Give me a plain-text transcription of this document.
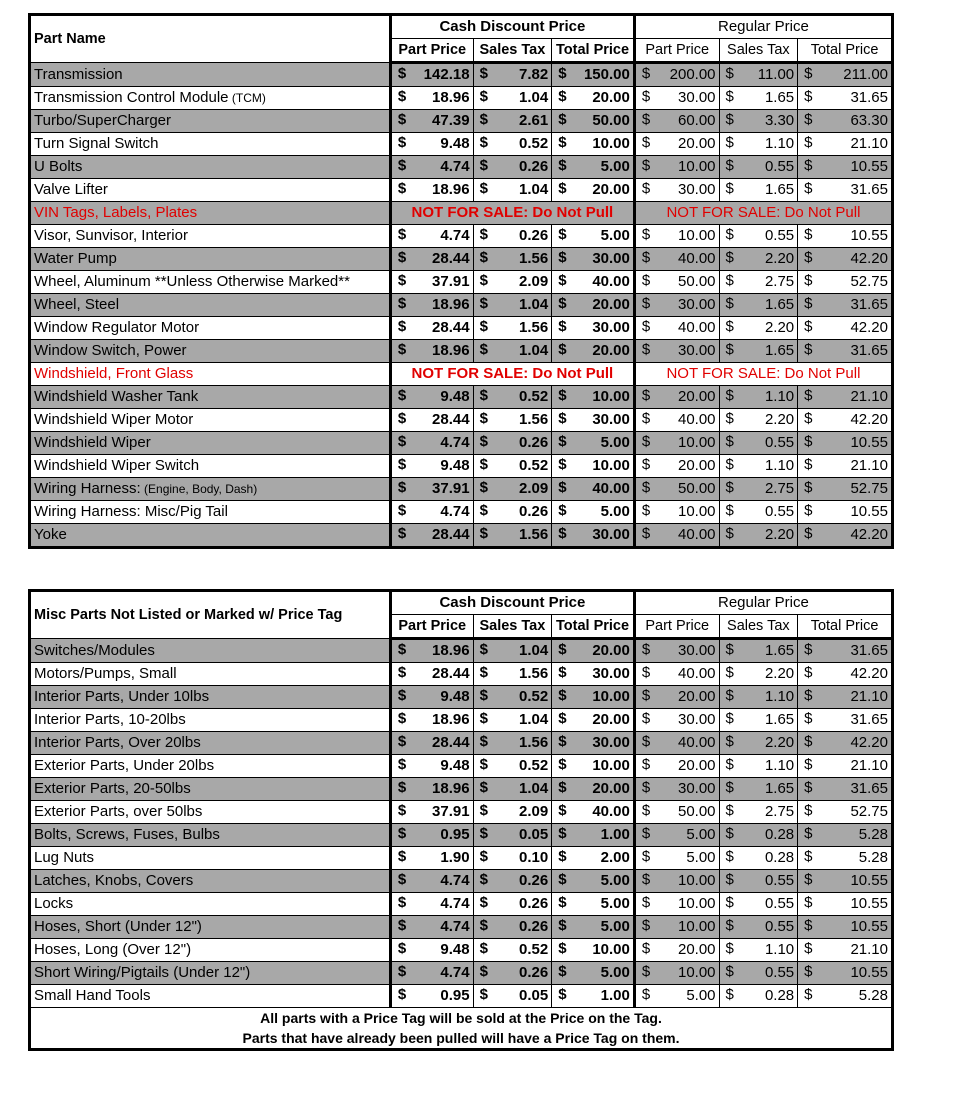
Part Name	Cash Discount Price			Regular Price		
	Part Price	Sales Tax	Total Price	Part Price	Sales Tax	Total Price
Transmission	$ 142.18	$ 7.82	$ 150.00	$ 200.00	$ 11.00	$ 211.00
Transmission Control Module (TCM)	$ 18.96	$ 1.04	$ 20.00	$ 30.00	$ 1.65	$ 31.65
Turbo/SuperCharger	$ 47.39	$ 2.61	$ 50.00	$ 60.00	$ 3.30	$ 63.30
Turn Signal Switch	$ 9.48	$ 0.52	$ 10.00	$ 20.00	$ 1.10	$ 21.10
U Bolts	$ 4.74	$ 0.26	$ 5.00	$ 10.00	$ 0.55	$ 10.55
Valve Lifter	$ 18.96	$ 1.04	$ 20.00	$ 30.00	$ 1.65	$ 31.65
VIN Tags, Labels, Plates	NOT FOR SALE: Do Not Pull			NOT FOR SALE: Do Not Pull		
Visor, Sunvisor, Interior	$ 4.74	$ 0.26	$ 5.00	$ 10.00	$ 0.55	$ 10.55
Water Pump	$ 28.44	$ 1.56	$ 30.00	$ 40.00	$ 2.20	$ 42.20
Wheel, Aluminum **Unless Otherwise Marked**	$ 37.91	$ 2.09	$ 40.00	$ 50.00	$ 2.75	$ 52.75
Wheel, Steel	$ 18.96	$ 1.04	$ 20.00	$ 30.00	$ 1.65	$ 31.65
Window Regulator Motor	$ 28.44	$ 1.56	$ 30.00	$ 40.00	$ 2.20	$ 42.20
Window Switch, Power	$ 18.96	$ 1.04	$ 20.00	$ 30.00	$ 1.65	$ 31.65
Windshield, Front Glass	NOT FOR SALE: Do Not Pull			NOT FOR SALE: Do Not Pull		
Windshield Washer Tank	$ 9.48	$ 0.52	$ 10.00	$ 20.00	$ 1.10	$ 21.10
Windshield Wiper Motor	$ 28.44	$ 1.56	$ 30.00	$ 40.00	$ 2.20	$ 42.20
Windshield Wiper	$ 4.74	$ 0.26	$ 5.00	$ 10.00	$ 0.55	$ 10.55
Windshield Wiper Switch	$ 9.48	$ 0.52	$ 10.00	$ 20.00	$ 1.10	$ 21.10
Wiring Harness: (Engine, Body, Dash)	$ 37.91	$ 2.09	$ 40.00	$ 50.00	$ 2.75	$ 52.75
Wiring Harness: Misc/Pig Tail	$ 4.74	$ 0.26	$ 5.00	$ 10.00	$ 0.55	$ 10.55
Yoke	$ 28.44	$ 1.56	$ 30.00	$ 40.00	$ 2.20	$ 42.20
Misc Parts Not Listed or Marked w/ Price Tag	Cash Discount Price			Regular Price		
	Part Price	Sales Tax	Total Price	Part Price	Sales Tax	Total Price
Switches/Modules	$ 18.96	$ 1.04	$ 20.00	$ 30.00	$ 1.65	$ 31.65
Motors/Pumps, Small	$ 28.44	$ 1.56	$ 30.00	$ 40.00	$ 2.20	$ 42.20
Interior Parts, Under 10lbs	$ 9.48	$ 0.52	$ 10.00	$ 20.00	$ 1.10	$ 21.10
Interior Parts, 10-20lbs	$ 18.96	$ 1.04	$ 20.00	$ 30.00	$ 1.65	$ 31.65
Interior Parts, Over 20lbs	$ 28.44	$ 1.56	$ 30.00	$ 40.00	$ 2.20	$ 42.20
Exterior Parts, Under 20lbs	$ 9.48	$ 0.52	$ 10.00	$ 20.00	$ 1.10	$ 21.10
Exterior Parts, 20-50lbs	$ 18.96	$ 1.04	$ 20.00	$ 30.00	$ 1.65	$ 31.65
Exterior Parts, over 50lbs	$ 37.91	$ 2.09	$ 40.00	$ 50.00	$ 2.75	$ 52.75
Bolts, Screws, Fuses, Bulbs	$ 0.95	$ 0.05	$ 1.00	$ 5.00	$ 0.28	$ 5.28
Lug Nuts	$ 1.90	$ 0.10	$ 2.00	$ 5.00	$ 0.28	$ 5.28
Latches, Knobs, Covers	$ 4.74	$ 0.26	$ 5.00	$ 10.00	$ 0.55	$ 10.55
Locks	$ 4.74	$ 0.26	$ 5.00	$ 10.00	$ 0.55	$ 10.55
Hoses, Short (Under 12")	$ 4.74	$ 0.26	$ 5.00	$ 10.00	$ 0.55	$ 10.55
Hoses, Long (Over 12")	$ 9.48	$ 0.52	$ 10.00	$ 20.00	$ 1.10	$ 21.10
Short Wiring/Pigtails (Under 12")	$ 4.74	$ 0.26	$ 5.00	$ 10.00	$ 0.55	$ 10.55
Small Hand Tools	$ 0.95	$ 0.05	$ 1.00	$ 5.00	$ 0.28	$ 5.28

All parts with a Price Tag will be sold at the Price on the Tag.
Parts that have already been pulled will have a Price Tag on them.						
